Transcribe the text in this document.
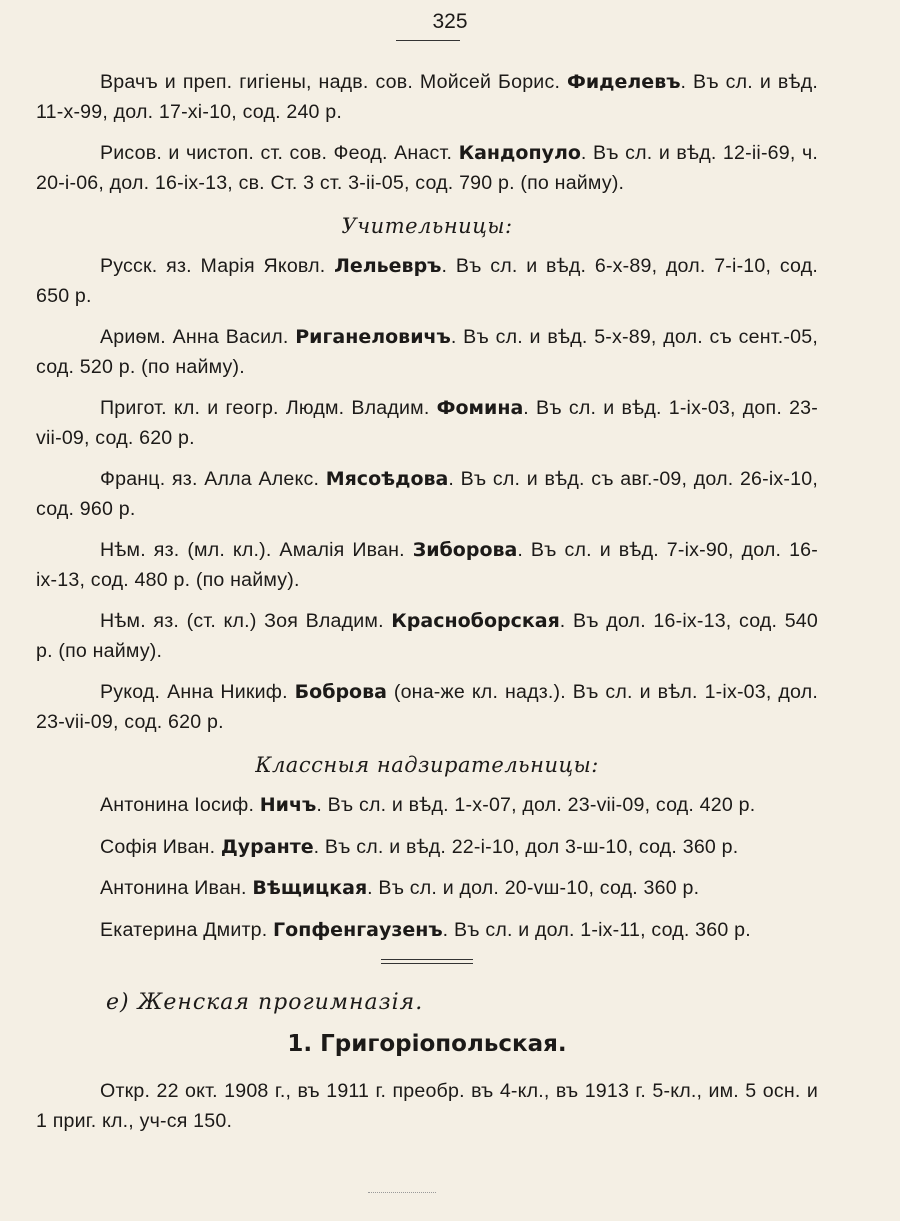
325

Врачъ и преп. гигіены, надв. сов. Мойсей Борис. Фиделевъ. Въ сл. и вѣд. 11-х-99, дол. 17-хі-10, сод. 240 р.

Рисов. и чистоп. ст. сов. Феод. Анаст. Кандопуло. Въ сл. и вѣд. 12-іі-69, ч. 20-і-06, дол. 16-іх-13, св. Ст. 3 ст. 3-іі-05, сод. 790 р. (по найму).

Учительницы:

Русск. яз. Марія Яковл. Лельевръ. Въ сл. и вѣд. 6-х-89, дол. 7-і-10, сод. 650 р.

Ариѳм. Анна Васил. Риганеловичъ. Въ сл. и вѣд. 5-х-89, дол. съ сент.-05, сод. 520 р. (по найму).

Пригот. кл. и геогр. Людм. Владим. Фомина. Въ сл. и вѣд. 1-іх-03, доп. 23-vіі-09, сод. 620 р.

Франц. яз. Алла Алекс. Мясоѣдова. Въ сл. и вѣд. съ авг.-09, дол. 26-іх-10, сод. 960 р.

Нѣм. яз. (мл. кл.). Амалія Иван. Зиборова. Въ сл. и вѣд. 7-іх-90, дол. 16-іх-13, сод. 480 р. (по найму).

Нѣм. яз. (ст. кл.) Зоя Владим. Красноборская. Въ дол. 16-іх-13, сод. 540 р. (по найму).

Рукод. Анна Никиф. Боброва (она-же кл. надз.). Въ сл. и вѣл. 1-іх-03, дол. 23-vіі-09, сод. 620 р.

Классныя надзирательницы:

Антонина Іосиф. Ничъ. Въ сл. и вѣд. 1-х-07, дол. 23-vіі-09, сод. 420 р.

Софія Иван. Дуранте. Въ сл. и вѣд. 22-і-10, дол 3-ш-10, сод. 360 р.

Антонина Иван. Вѣщицкая. Въ сл. и дол. 20-vш-10, сод. 360 р.

Екатерина Дмитр. Гопфенгаузенъ. Въ сл. и дол. 1-іх-11, сод. 360 р.

е) Женская прогимназія.
1. Григоріопольская.

Откр. 22 окт. 1908 г., въ 1911 г. преобр. въ 4-кл., въ 1913 г. 5-кл., им. 5 осн. и 1 приг. кл., уч-ся 150.
